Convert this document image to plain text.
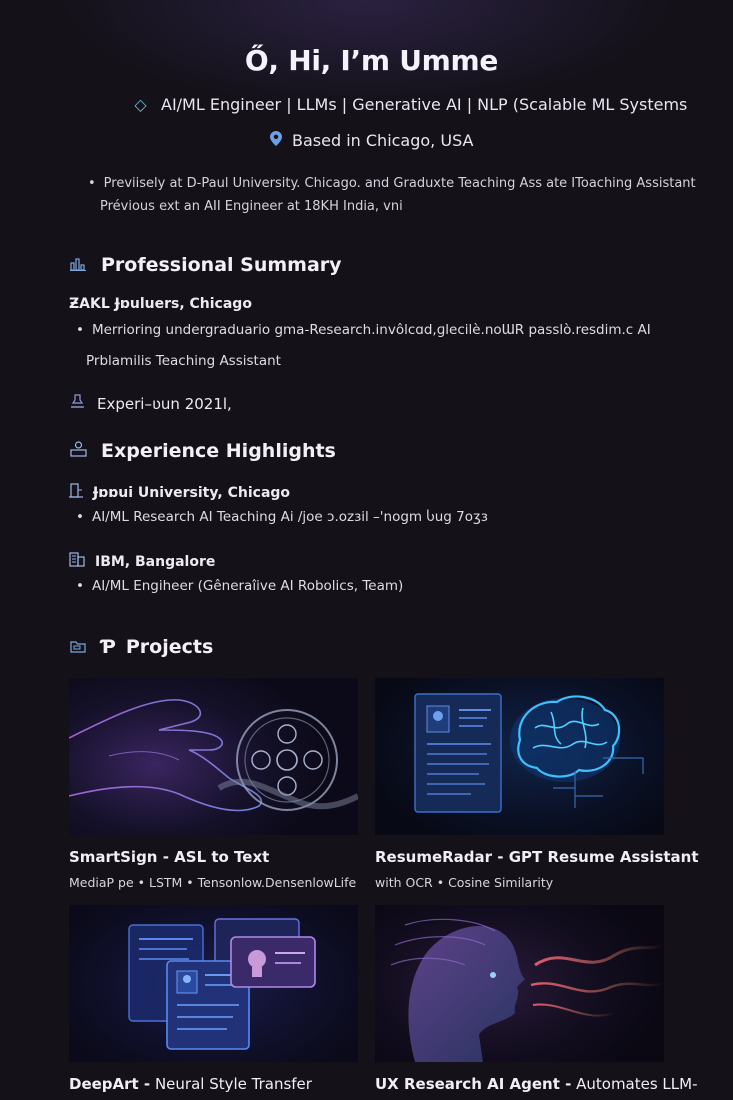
Ő, Hi, I’m Umme
◇ AI/ML Engineer | LLMs | Generative AI | NLP (Scalable ML Systems
Based in Chicago, USA
• Previisely at D-Paul University. Chicago. and Graduxte Teaching Ass ate IToaching Assistant
Prévious ext an AII Engineer at 18KH India, vni
Professional Summary
ƵAKL Ɉɒuluers, Chicago
• Merrioring undergraduario gma-Research.invôlcɑd,ɡlecilè.noƜR passlò.resdim.c AI
Prblamilis Teaching Assistant
Experi–ʋun 2021l,
Experience Highlights
Ɉɒɒui University, Chicago
• AI/ML Research AI Teaching Ai /joe ɔ.ozɜil –'nogm Ⴑug 7oʒɜ
IBM, Bangalore
• AI/ML Engiheer (Gêneraîive AI Robolics, Team)
Ƥ Projects
SmartSign - ASL to Text
MediaP pe • LSTM • Tensonlow.DensenlowLife
ResumeRadar - GPT Resume Assistant
with OCR • Cosine Similarity
DeepArt - Neural Style Transfer	UX Research AI Agent - Automates LLM-
